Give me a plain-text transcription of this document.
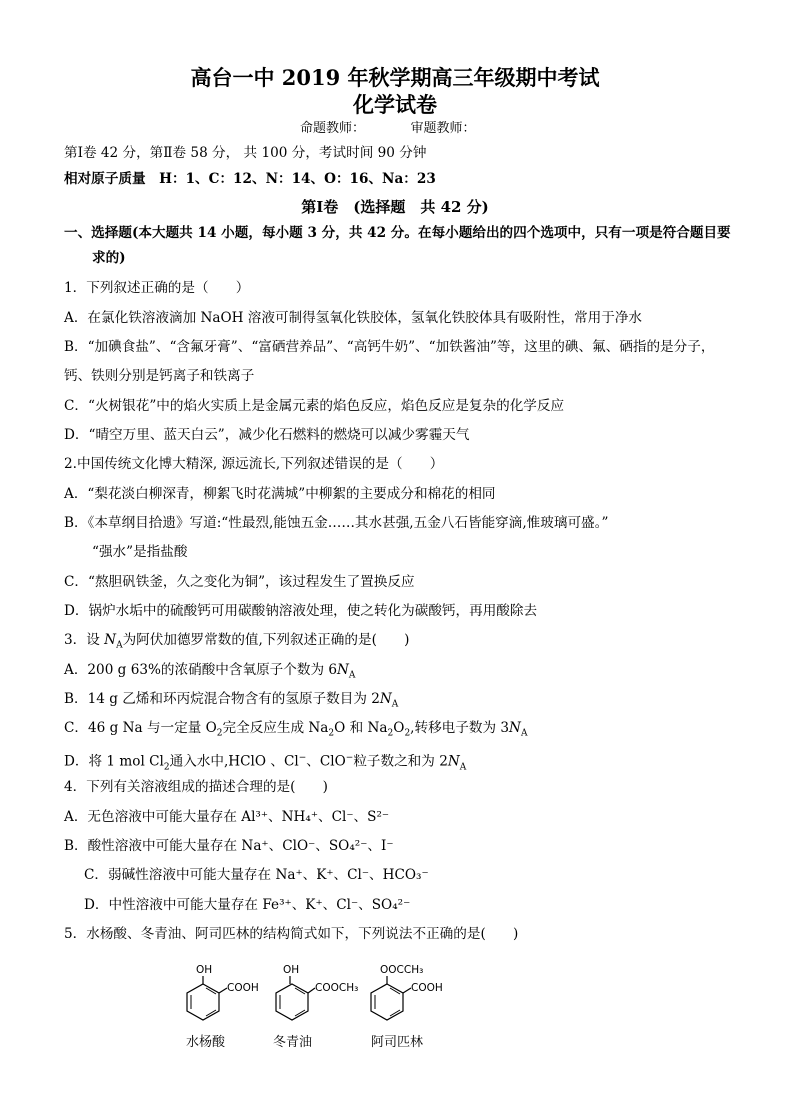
高台一中 2019 年秋学期高三年级期中考试
化学试卷
命题教师：　　　　审题教师：
第Ⅰ卷 42 分，第Ⅱ卷 58 分， 共 100 分，考试时间 90 分钟
相对原子质量　H：1、C：12、N：14、O：16、Na：23
第Ⅰ卷　(选择题　共 42 分)
一、选择题(本大题共 14 小题，每小题 3 分，共 42 分。在每小题给出的四个选项中，只有一项是符合题目要
求的)
1．下列叙述正确的是（　　）
A．在氯化铁溶液滴加 NaOH 溶液可制得氢氧化铁胶体，氢氧化铁胶体具有吸附性，常用于净水
B．“加碘食盐”、“含氟牙膏”、“富硒营养品”、“高钙牛奶”、“加铁酱油”等，这里的碘、氟、硒指的是分子，
钙、铁则分别是钙离子和铁离子
C．“火树银花”中的焰火实质上是金属元素的焰色反应，焰色反应是复杂的化学反应
D．“晴空万里、蓝天白云”，减少化石燃料的燃烧可以减少雾霾天气
2.中国传统文化博大精深, 源远流长,下列叙述错误的是（　　）
A．“梨花淡白柳深青，柳絮飞时花满城”中柳絮的主要成分和棉花的相同
B．《本草纲目拾遗》写道:“性最烈,能蚀五金……其水甚强,五金八石皆能穿滴,惟玻璃可盛。”
“强水”是指盐酸
C．“熬胆矾铁釜，久之变化为铜”，该过程发生了置换反应
D．锅炉水垢中的硫酸钙可用碳酸钠溶液处理，使之转化为碳酸钙，再用酸除去
3．设 $N_A$为阿伏加德罗常数的值,下列叙述正确的是(　　)
A．200 g 63%的浓硝酸中含氧原子个数为 $6N_A$
B．14 g 乙烯和环丙烷混合物含有的氢原子数目为 $2N_A$
C．46 g Na 与一定量 $O_2$完全反应生成 $Na_2O$ 和 $Na_2O_2$,转移电子数为 $3N_A$
D．将 1 mol $Cl_2$通入水中,HClO 、Cl−、ClO−粒子数之和为 $2N_A$
4．下列有关溶液组成的描述合理的是(　　)
A．无色溶液中可能大量存在 Al³⁺、NH₄⁺、Cl⁻、S²⁻
B．酸性溶液中可能大量存在 Na⁺、ClO⁻、SO₄²⁻、I⁻
C．弱碱性溶液中可能大量存在 Na⁺、K⁺、Cl⁻、HCO₃⁻
D．中性溶液中可能大量存在 Fe³⁺、K⁺、Cl⁻、SO₄²⁻
5．水杨酸、冬青油、阿司匹林的结构简式如下，下列说法不正确的是(　　)
OH
COOH
水杨酸
OH
COOCH₃
冬青油
OOCCH₃
COOH
阿司匹林
